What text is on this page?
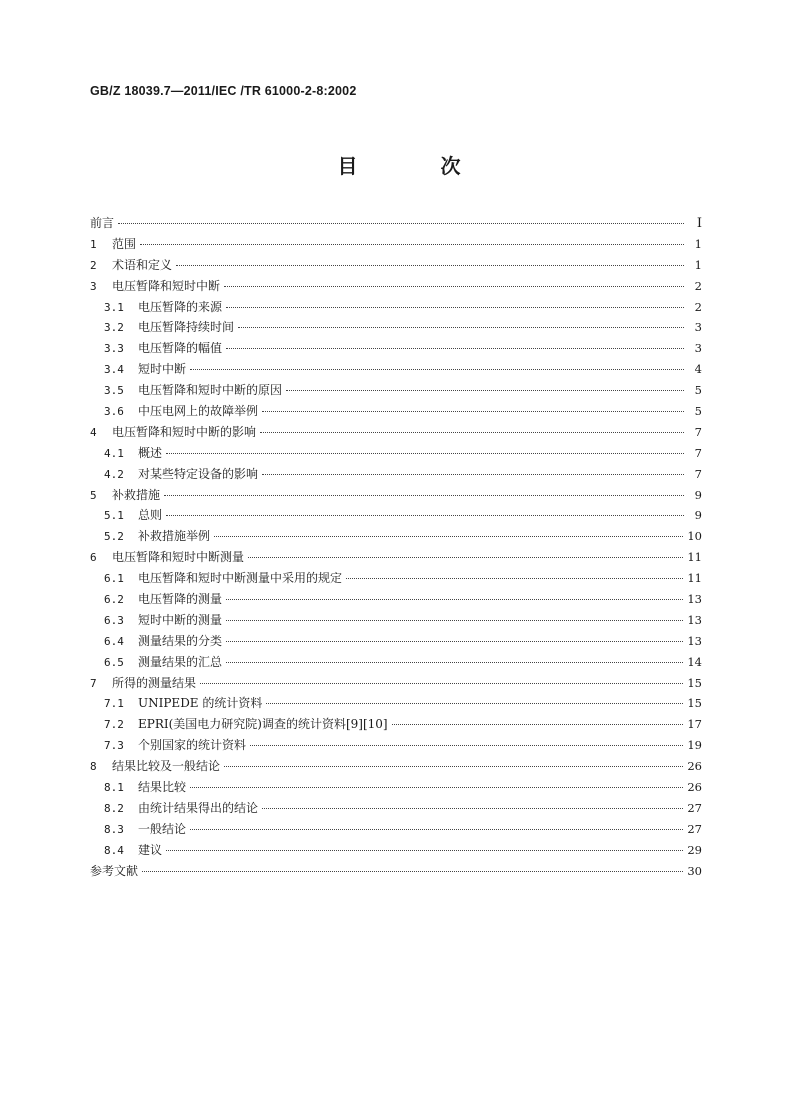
GB/Z 18039.7—2011/IEC /TR 61000-2-8:2002
目 次
前言	I
1	范围	1
2	术语和定义	1
3	电压暂降和短时中断	2
3.1	电压暂降的来源	2
3.2	电压暂降持续时间	3
3.3	电压暂降的幅值	3
3.4	短时中断	4
3.5	电压暂降和短时中断的原因	5
3.6	中压电网上的故障举例	5
4	电压暂降和短时中断的影响	7
4.1	概述	7
4.2	对某些特定设备的影响	7
5	补救措施	9
5.1	总则	9
5.2	补救措施举例	10
6	电压暂降和短时中断测量	11
6.1	电压暂降和短时中断测量中采用的规定	11
6.2	电压暂降的测量	13
6.3	短时中断的测量	13
6.4	测量结果的分类	13
6.5	测量结果的汇总	14
7	所得的测量结果	15
7.1	UNIPEDE 的统计资料	15
7.2	EPRI(美国电力研究院)调查的统计资料[9][10]	17
7.3	个别国家的统计资料	19
8	结果比较及一般结论	26
8.1	结果比较	26
8.2	由统计结果得出的结论	27
8.3	一般结论	27
8.4	建议	29
参考文献	30
